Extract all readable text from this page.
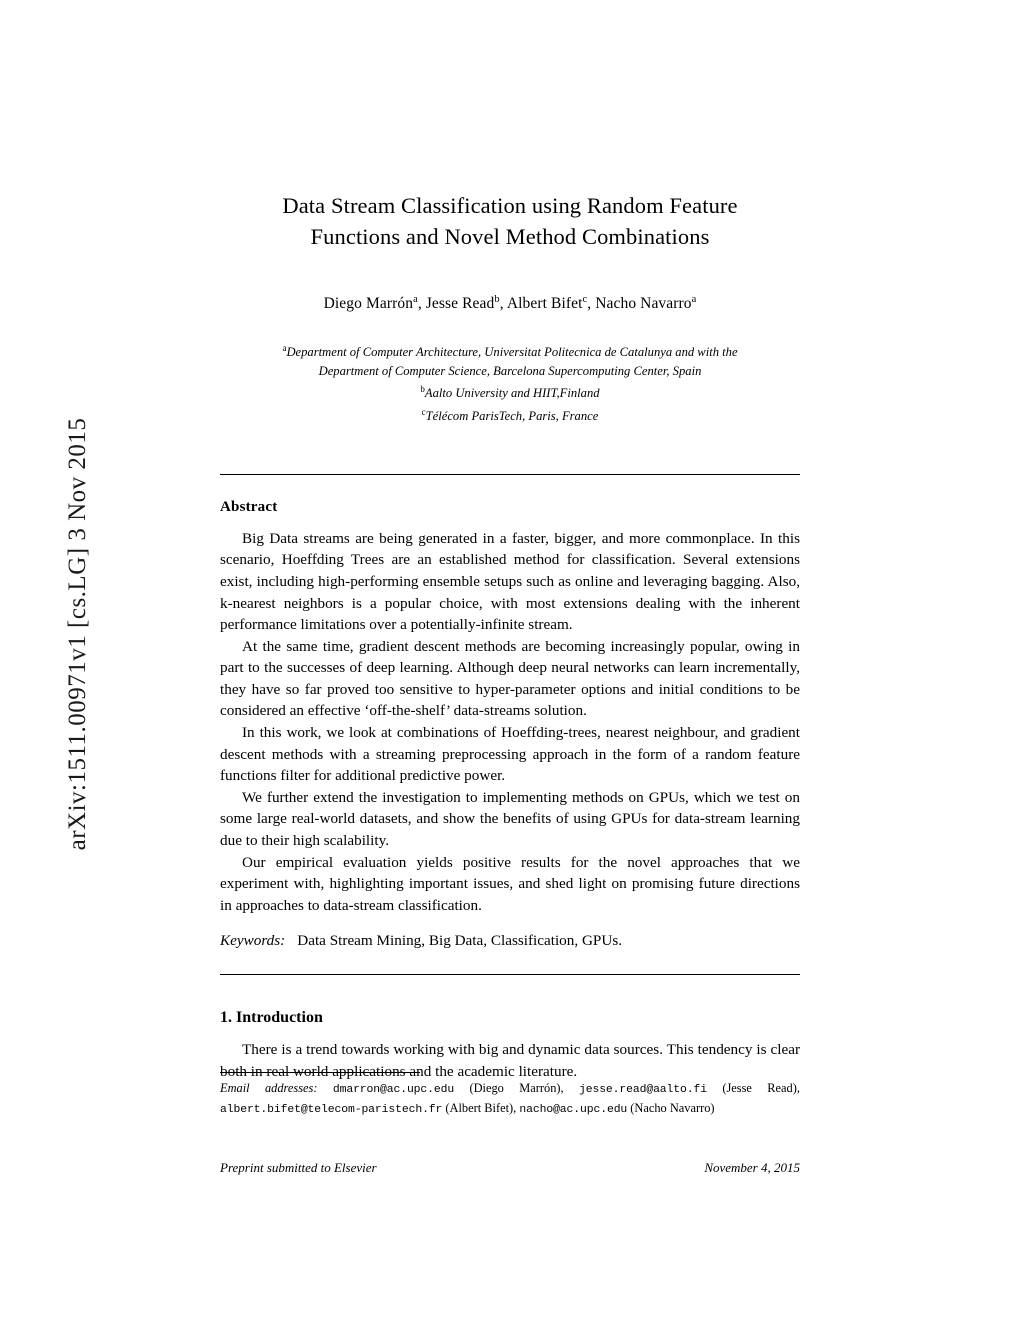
arXiv:1511.00971v1 [cs.LG] 3 Nov 2015
Data Stream Classification using Random Feature
Functions and Novel Method Combinations
Diego Marrón$^a$, Jesse Read$^b$, Albert Bifet$^c$, Nacho Navarro$^a$
$^a$Department of Computer Architecture, Universitat Politecnica de Catalunya and with the
Department of Computer Science, Barcelona Supercomputing Center, Spain
$^b$Aalto University and HIIT,Finland
$^c$Télécom ParisTech, Paris, France
Abstract

Big Data streams are being generated in a faster, bigger, and more commonplace. In this scenario, Hoeffding Trees are an established method for classification. Several extensions exist, including high-performing ensemble setups such as online and leveraging bagging. Also, k-nearest neighbors is a popular choice, with most extensions dealing with the inherent performance limitations over a potentially-infinite stream.

At the same time, gradient descent methods are becoming increasingly popular, owing in part to the successes of deep learning. Although deep neural networks can learn incrementally, they have so far proved too sensitive to hyper-parameter options and initial conditions to be considered an effective ‘off-the-shelf’ data-streams solution.

In this work, we look at combinations of Hoeffding-trees, nearest neighbour, and gradient descent methods with a streaming preprocessing approach in the form of a random feature functions filter for additional predictive power.

We further extend the investigation to implementing methods on GPUs, which we test on some large real-world datasets, and show the benefits of using GPUs for data-stream learning due to their high scalability.

Our empirical evaluation yields positive results for the novel approaches that we experiment with, highlighting important issues, and shed light on promising future directions in approaches to data-stream classification.

Keywords: Data Stream Mining, Big Data, Classification, GPUs.
1. Introduction

There is a trend towards working with big and dynamic data sources. This tendency is clear both in real world applications and the academic literature.

Email addresses: dmarron@ac.upc.edu (Diego Marrón), jesse.read@aalto.fi (Jesse Read), albert.bifet@telecom-paristech.fr (Albert Bifet), nacho@ac.upc.edu (Nacho Navarro)
Preprint submitted to Elsevier	November 4, 2015
